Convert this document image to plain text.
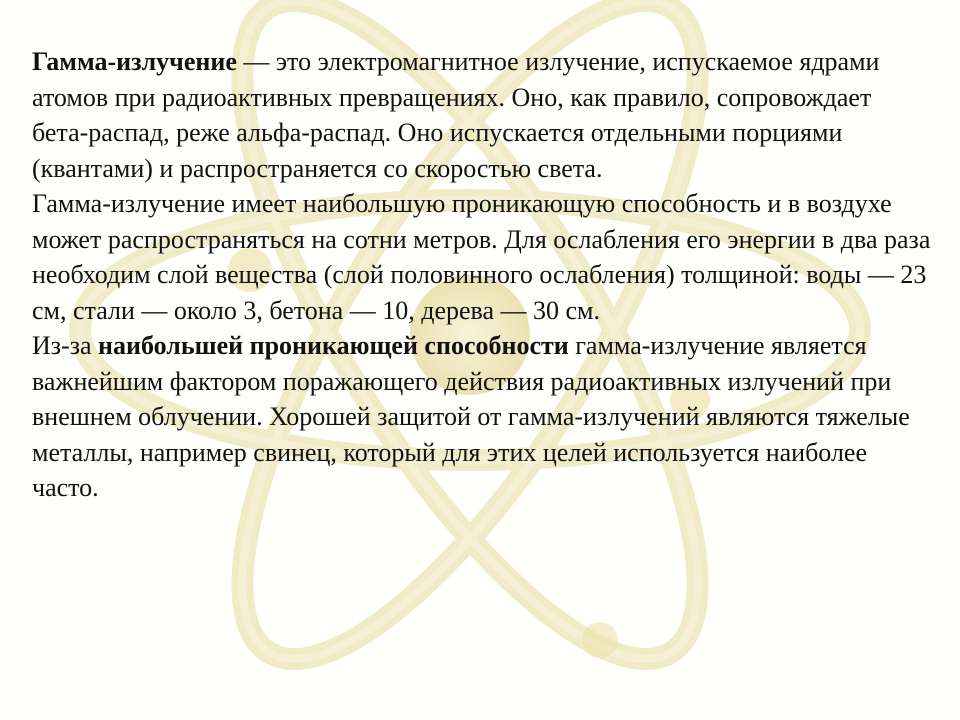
Гамма-излучение — это электромагнитное излучение, испускаемое ядрами атомов при радиоактивных превращениях. Оно, как правило, сопровождает бета-распад, реже альфа-распад. Оно испускается отдельными порциями (квантами) и распространяется со скоростью света.

Гамма-излучение имеет наибольшую проникающую способность и в воздухе может распространяться на сотни метров. Для ослабления его энергии в два раза необходим слой вещества (слой половинного ослабления) толщиной: воды — 23 см, стали — около 3, бетона — 10, дерева — 30 см.

Из-за наибольшей проникающей способности гамма-излучение является важнейшим фактором поражающего действия радиоактивных излучений при внешнем облучении. Хорошей защитой от гамма-излучений являются тяжелые металлы, например свинец, который для этих целей используется наиболее часто.
